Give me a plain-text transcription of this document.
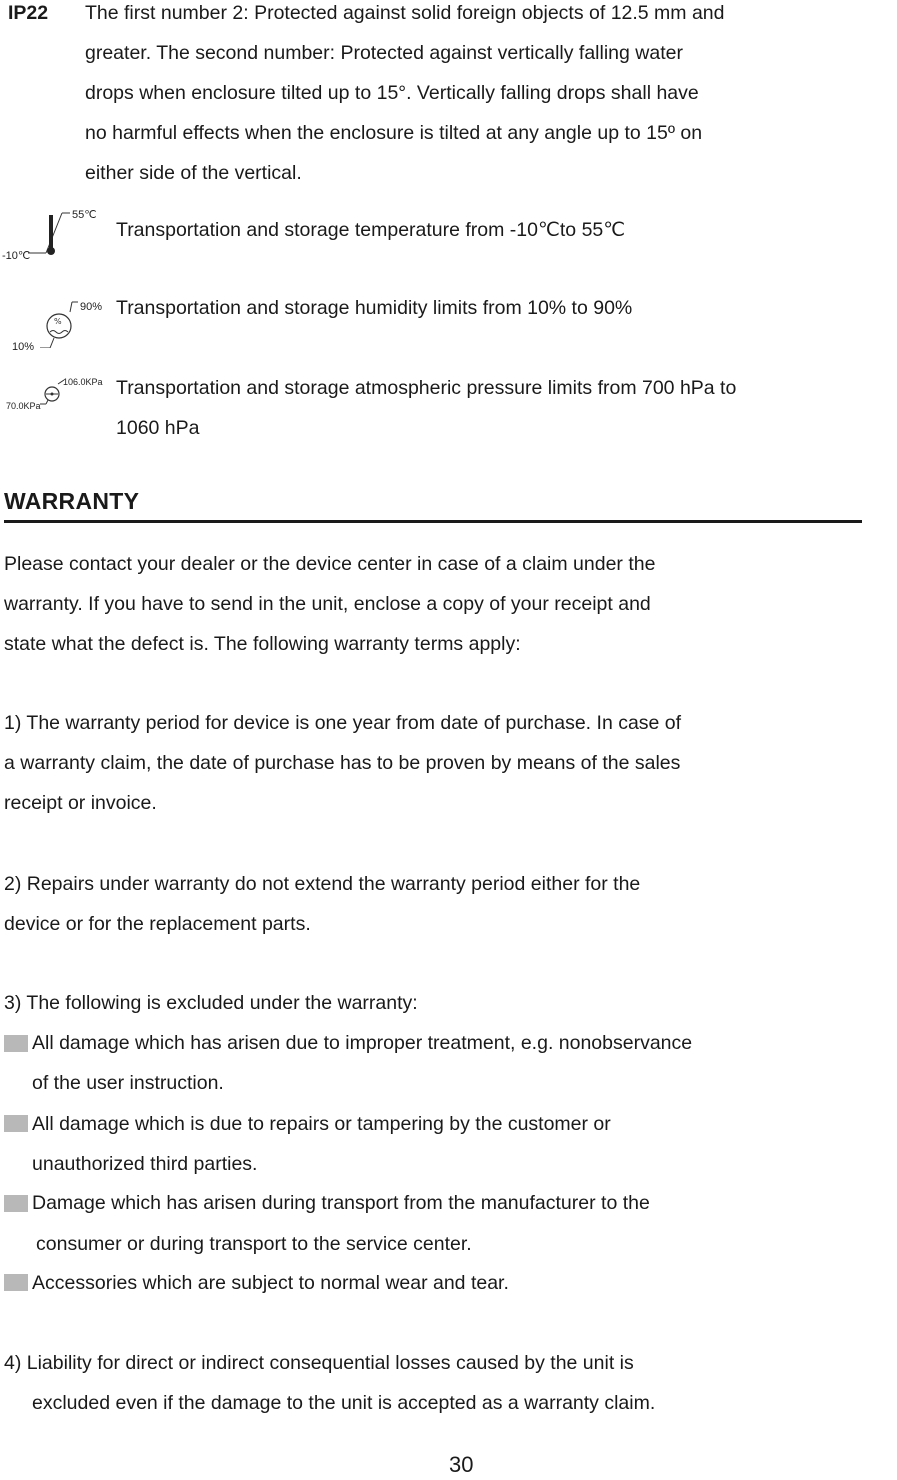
IP22 The first number 2: Protected against solid foreign objects of 12.5 mm and
greater. The second number: Protected against vertically falling water
drops when enclosure tilted up to 15°. Vertically falling drops shall have
no harmful effects when the enclosure is tilted at any angle up to 15º on
either side of the vertical.
55℃
-10℃
Transportation and storage temperature from -10℃to 55℃
%
90%
10%
Transportation and storage humidity limits from 10% to 90%
106.0KPa
70.0KPa
Transportation and storage atmospheric pressure limits from 700 hPa to
1060 hPa
WARRANTY
Please contact your dealer or the device center in case of a claim under the
warranty. If you have to send in the unit, enclose a copy of your receipt and
state what the defect is. The following warranty terms apply:
1) The warranty period for device is one year from date of purchase. In case of
a warranty claim, the date of purchase has to be proven by means of the sales
receipt or invoice.
2) Repairs under warranty do not extend the warranty period either for the
device or for the replacement parts.
3) The following is excluded under the warranty:
All damage which has arisen due to improper treatment, e.g. nonobservance
of the user instruction.
All damage which is due to repairs or tampering by the customer or
unauthorized third parties.
Damage which has arisen during transport from the manufacturer to the
consumer or during transport to the service center.
Accessories which are subject to normal wear and tear.
4) Liability for direct or indirect consequential losses caused by the unit is
excluded even if the damage to the unit is accepted as a warranty claim.
30
